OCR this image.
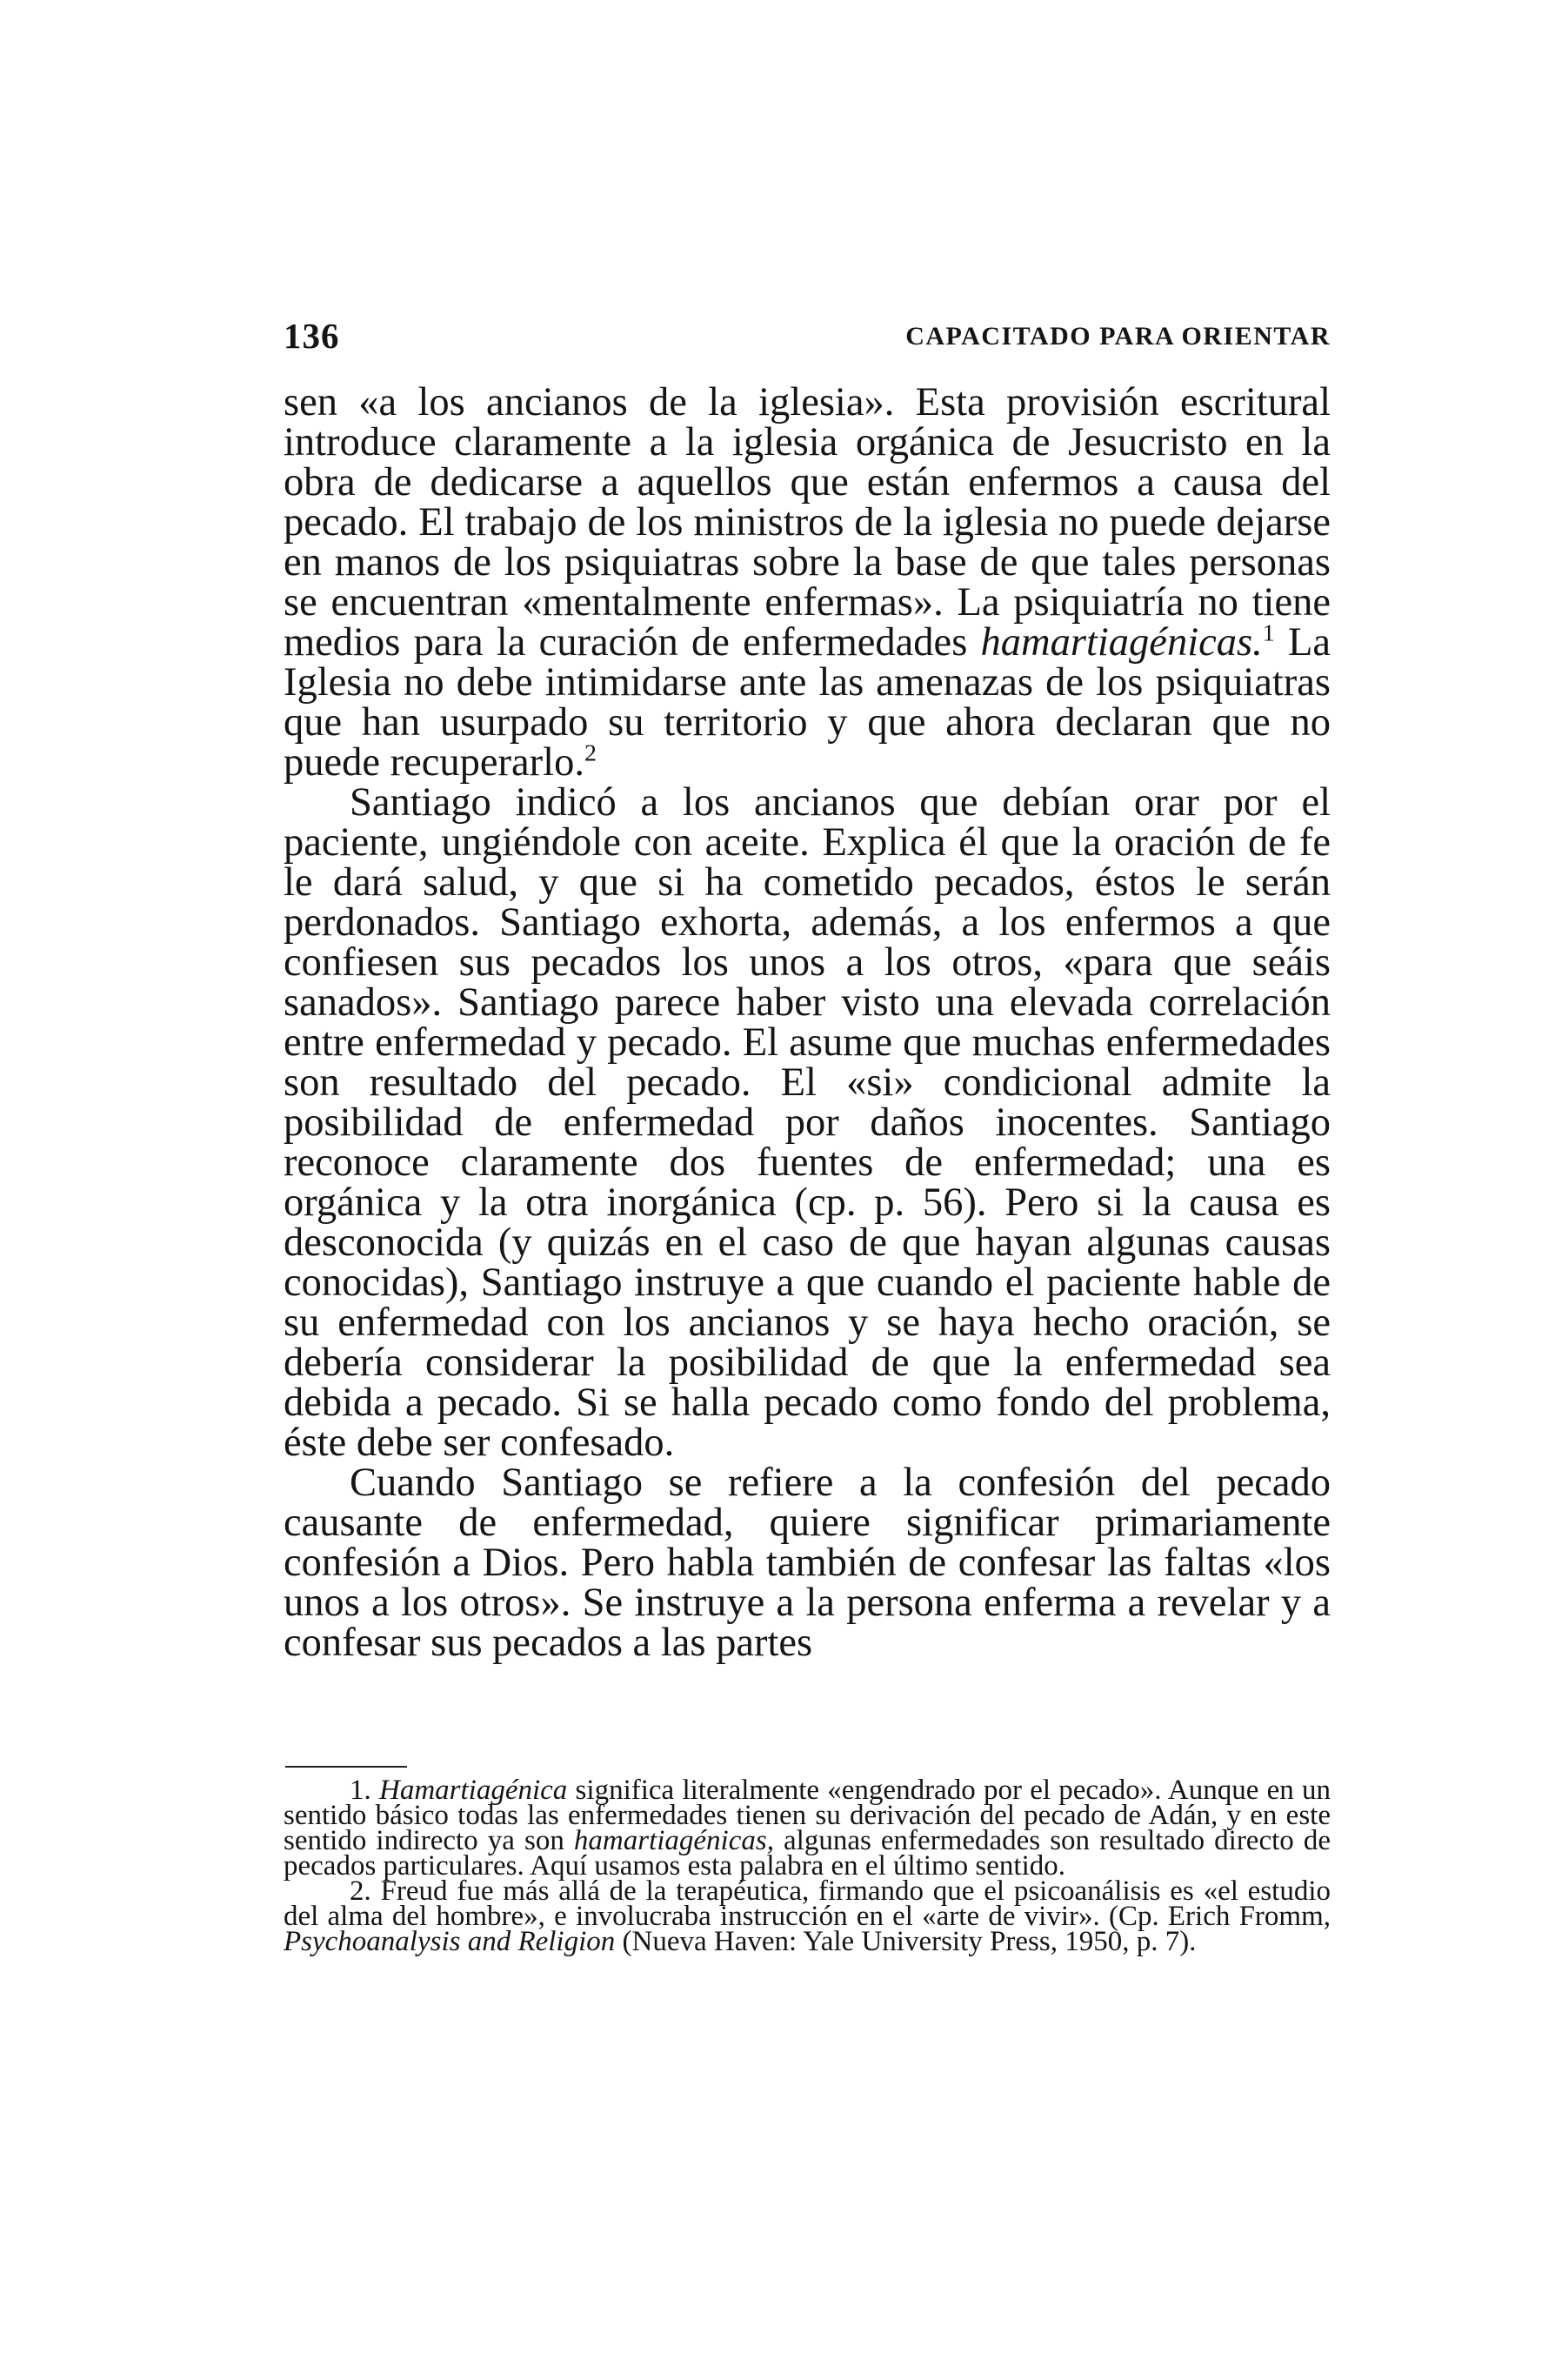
136	CAPACITADO PARA ORIENTAR

sen «a los ancianos de la iglesia». Esta provisión escritural introduce claramente a la iglesia orgánica de Jesucristo en la obra de dedicarse a aquellos que están enfermos a causa del pecado. El trabajo de los ministros de la iglesia no puede dejarse en manos de los psiquiatras sobre la base de que tales personas se encuentran «mentalmente enfermas». La psiquiatría no tiene medios para la curación de enfermedades hamartiagénicas.$^1$ La Iglesia no debe intimidarse ante las amenazas de los psiquiatras que han usurpado su territorio y que ahora declaran que no puede recuperarlo.$^2$

Santiago indicó a los ancianos que debían orar por el paciente, ungiéndole con aceite. Explica él que la oración de fe le dará salud, y que si ha cometido pecados, éstos le serán perdonados. Santiago exhorta, además, a los enfermos a que confiesen sus pecados los unos a los otros, «para que seáis sanados». Santiago parece haber visto una elevada correlación entre enfermedad y pecado. El asume que muchas enfermedades son resultado del pecado. El «si» condicional admite la posibilidad de enfermedad por daños inocentes. Santiago reconoce claramente dos fuentes de enfermedad; una es orgánica y la otra inorgánica (cp. p. 56). Pero si la causa es desconocida (y quizás en el caso de que hayan algunas causas conocidas), Santiago instruye a que cuando el paciente hable de su enfermedad con los ancianos y se haya hecho oración, se debería considerar la posibilidad de que la enfermedad sea debida a pecado. Si se halla pecado como fondo del problema, éste debe ser confesado.

Cuando Santiago se refiere a la confesión del pecado causante de enfermedad, quiere significar primariamente confesión a Dios. Pero habla también de confesar las faltas «los unos a los otros». Se instruye a la persona enferma a revelar y a confesar sus pecados a las partes

1. Hamartiagénica significa literalmente «engendrado por el pecado». Aunque en un sentido básico todas las enfermedades tienen su derivación del pecado de Adán, y en este sentido indirecto ya son hamartiagénicas, algunas enfermedades son resultado directo de pecados particulares. Aquí usamos esta palabra en el último sentido.

2. Freud fue más allá de la terapéutica, firmando que el psicoanálisis es «el estudio del alma del hombre», e involucraba instrucción en el «arte de vivir». (Cp. Erich Fromm, Psychoanalysis and Religion (Nueva Haven: Yale University Press, 1950, p. 7).
